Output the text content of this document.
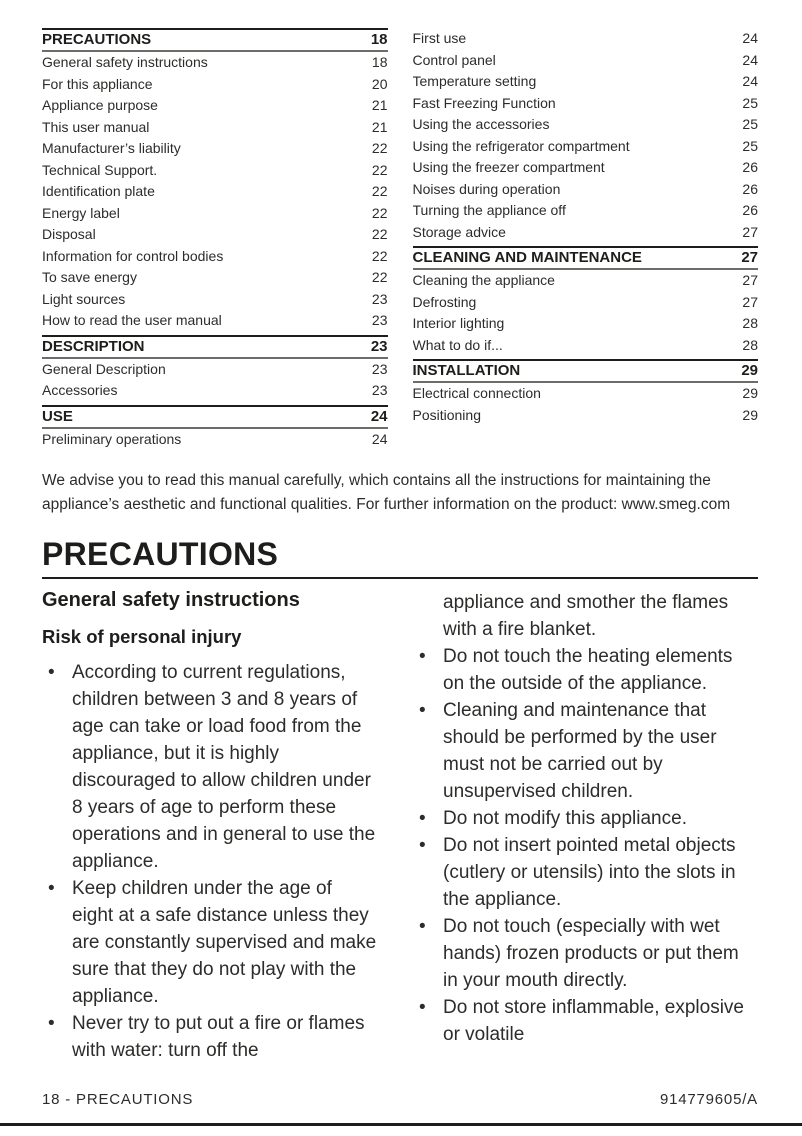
PRECAUTIONS	18
General safety instructions	18
For this appliance	20
Appliance purpose	21
This user manual	21
Manufacturer’s liability	22
Technical Support.	22
Identification plate	22
Energy label	22
Disposal	22
Information for control bodies	22
To save energy	22
Light sources	23
How to read the user manual	23
DESCRIPTION	23
General Description	23
Accessories	23
USE	24
Preliminary operations	24
First use	24
Control panel	24
Temperature setting	24
Fast Freezing Function	25
Using the accessories	25
Using the refrigerator compartment	25
Using the freezer compartment	26
Noises during operation	26
Turning the appliance off	26
Storage advice	27
CLEANING AND MAINTENANCE	27
Cleaning the appliance	27
Defrosting	27
Interior lighting	28
What to do if...	28
INSTALLATION	29
Electrical connection	29
Positioning	29

We advise you to read this manual carefully, which contains all the instructions for maintaining the appliance’s aesthetic and functional qualities. For further information on the product: www.smeg.com

PRECAUTIONS
General safety instructions
Risk of personal injury
• According to current regulations, children between 3 and 8 years of age can take or load food from the appliance, but it is highly discouraged to allow children under 8 years of age to perform these operations and in general to use the appliance.
• Keep children under the age of eight at a safe distance unless they are constantly supervised and make sure that they do not play with the appliance.
• Never try to put out a fire or flames with water: turn off the

appliance and smother the flames with a fire blanket.

• Do not touch the heating elements on the outside of the appliance.
• Cleaning and maintenance that should be performed by the user must not be carried out by unsupervised children.
• Do not modify this appliance.
• Do not insert pointed metal objects (cutlery or utensils) into the slots in the appliance.
• Do not touch (especially with wet hands) frozen products or put them in your mouth directly.
• Do not store inflammable, explosive or volatile
18 - PRECAUTIONS	914779605/A
